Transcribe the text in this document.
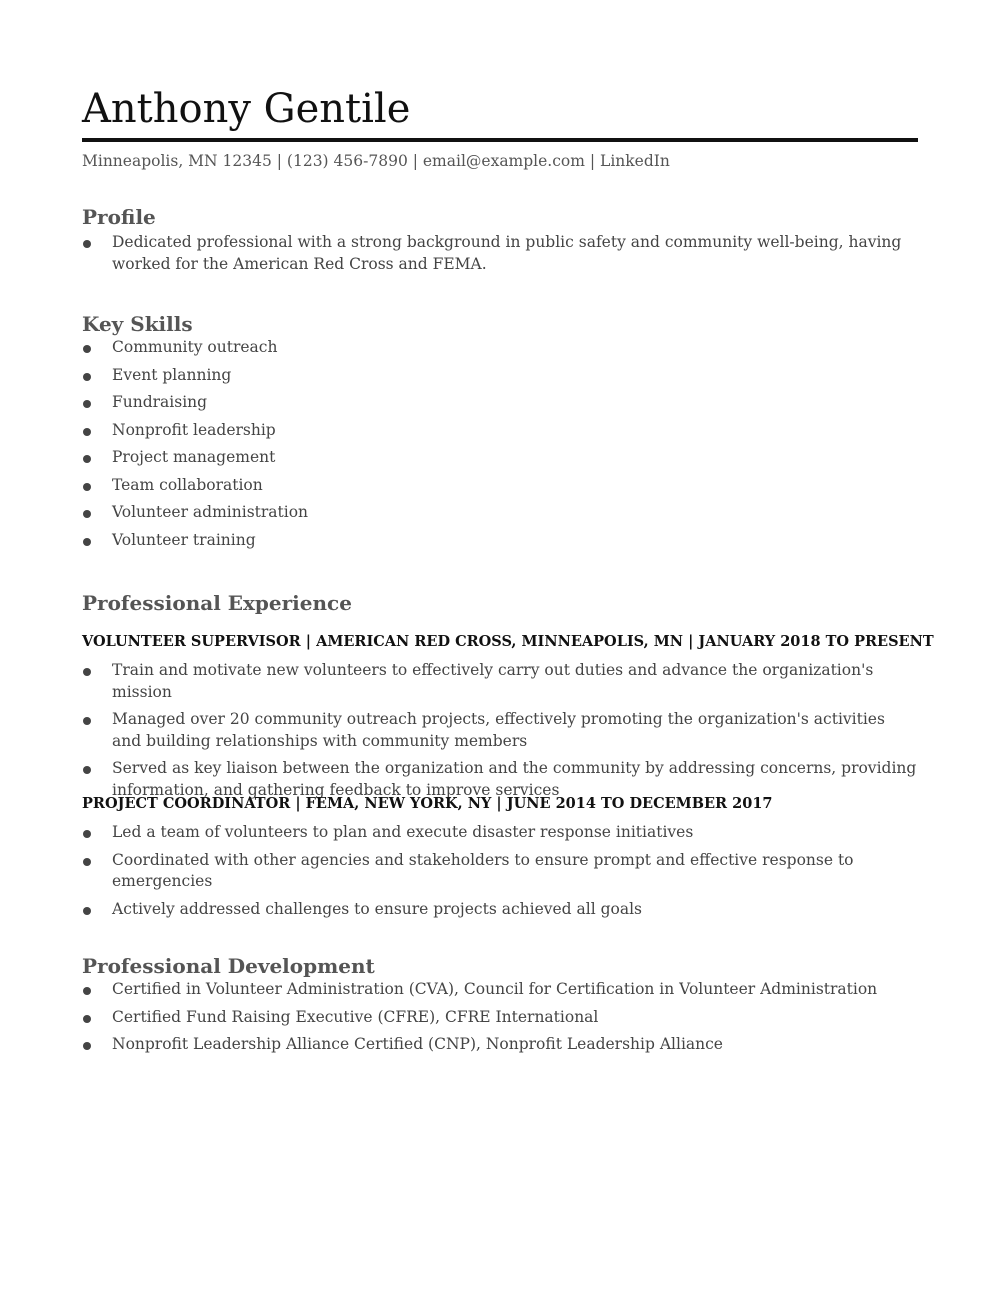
Anthony Gentile
Minneapolis, MN 12345 | (123) 456-7890 | email@example.com | LinkedIn
Profile
Dedicated professional with a strong background in public safety and community well-being, having worked for the American Red Cross and FEMA.
Key Skills
Community outreach
Event planning
Fundraising
Nonprofit leadership
Project management
Team collaboration
Volunteer administration
Volunteer training
Professional Experience
VOLUNTEER SUPERVISOR | AMERICAN RED CROSS, MINNEAPOLIS, MN | JANUARY 2018 TO PRESENT
Train and motivate new volunteers to effectively carry out duties and advance the organization's mission
Managed over 20 community outreach projects, effectively promoting the organization's activities and building relationships with community members
Served as key liaison between the organization and the community by addressing concerns, providing information, and gathering feedback to improve services
PROJECT COORDINATOR | FEMA, NEW YORK, NY | JUNE 2014 TO DECEMBER 2017
Led a team of volunteers to plan and execute disaster response initiatives
Coordinated with other agencies and stakeholders to ensure prompt and effective response to emergencies
Actively addressed challenges to ensure projects achieved all goals
Professional Development
Certified in Volunteer Administration (CVA), Council for Certification in Volunteer Administration
Certified Fund Raising Executive (CFRE), CFRE International
Nonprofit Leadership Alliance Certified (CNP), Nonprofit Leadership Alliance
